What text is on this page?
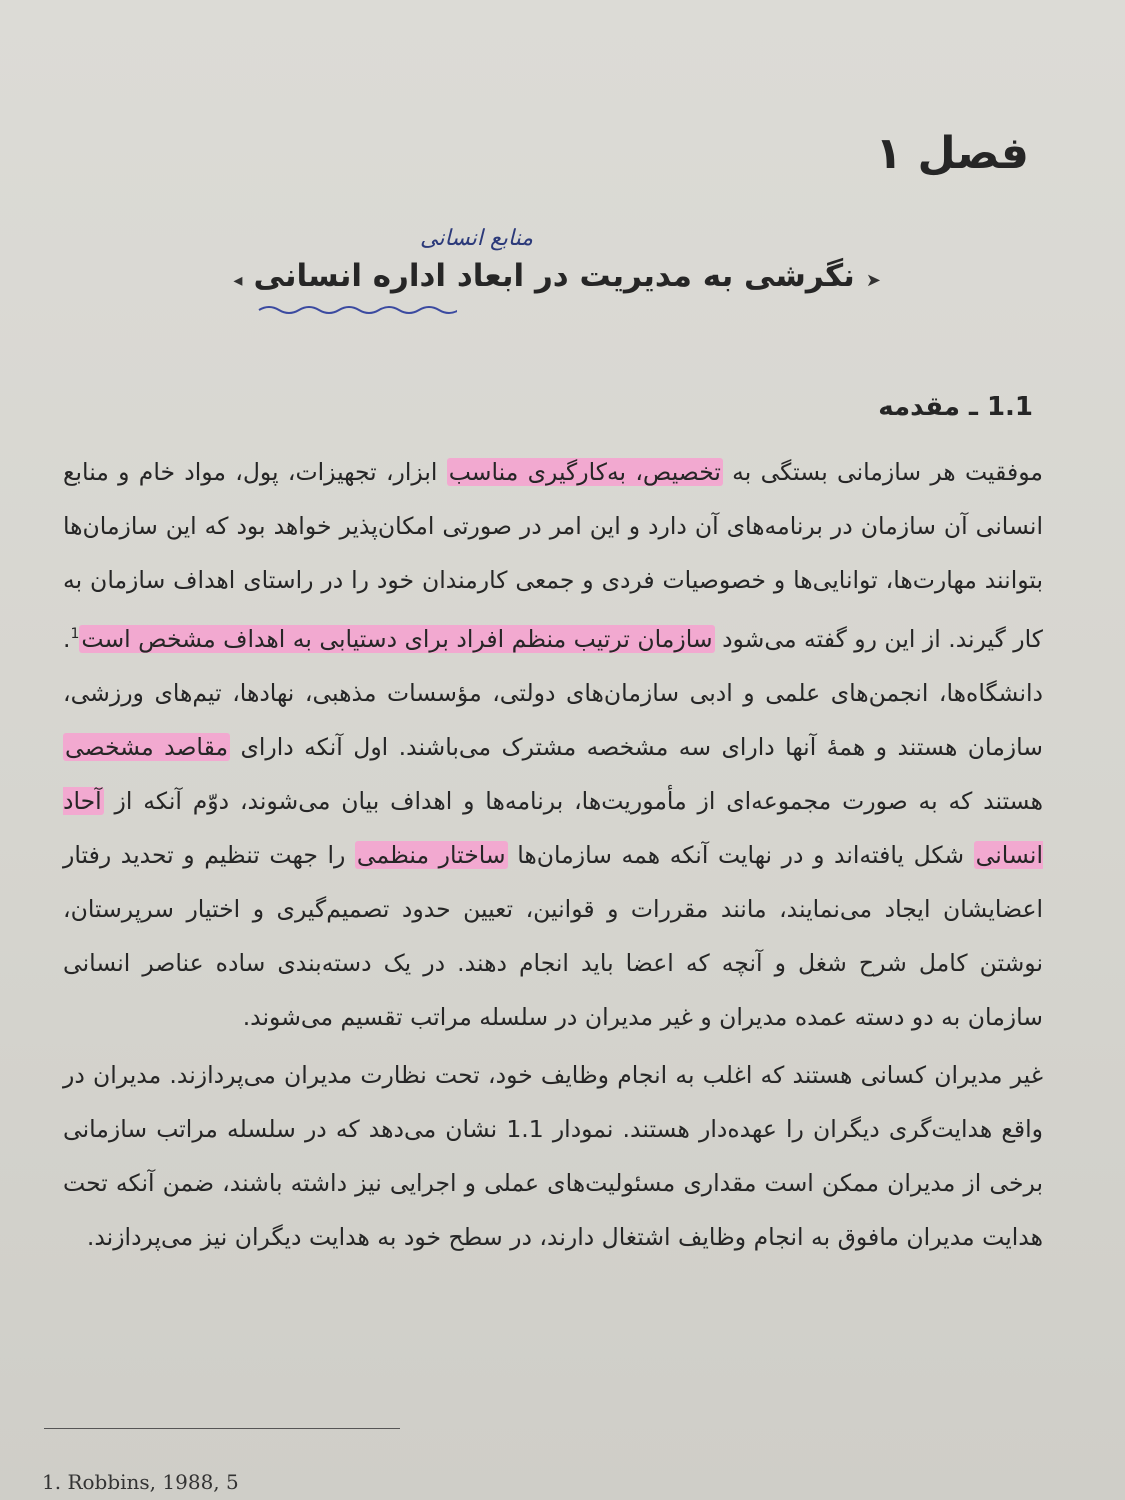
فصل ۱
منابع انسانی
➤ نگرشی به مدیریت در ابعاد اداره انسانی ◂
1.1 ـ مقدمه

موفقیت هر سازمانی بستگی به تخصیص، به‌کارگیری مناسب ابزار، تجهیزات، پول، مواد خام و منابع انسانی آن سازمان در برنامه‌های آن دارد و این امر در صورتی امکان‌پذیر خواهد بود که این سازمان‌ها بتوانند مهارت‌ها، توانایی‌ها و خصوصیات فردی و جمعی کارمندان خود را در راستای اهداف سازمان به کار گیرند. از این رو گفته می‌شود سازمان ترتیب منظم افراد برای دستیابی به اهداف مشخص است$^1$. دانشگاه‌ها، انجمن‌های علمی و ادبی سازمان‌های دولتی، مؤسسات مذهبی، نهادها، تیم‌های ورزشی، سازمان هستند و همهٔ آنها دارای سه مشخصه مشترک می‌باشند. اول آنکه دارای مقاصد مشخصی هستند که به صورت مجموعه‌ای از مأموریت‌ها، برنامه‌ها و اهداف بیان می‌شوند، دوّم آنکه از آحاد انسانی شکل یافته‌اند و در نهایت آنکه همه سازمان‌ها ساختار منظمی را جهت تنظیم و تحدید رفتار اعضایشان ایجاد می‌نمایند، مانند مقررات و قوانین، تعیین حدود تصمیم‌گیری و اختیار سرپرستان، نوشتن کامل شرح شغل و آنچه که اعضا باید انجام دهند. در یک دسته‌بندی ساده عناصر انسانی سازمان به دو دسته عمده مدیران و غیر مدیران در سلسله مراتب تقسیم می‌شوند.

غیر مدیران کسانی هستند که اغلب به انجام وظایف خود، تحت نظارت مدیران می‌پردازند. مدیران در واقع هدایت‌گری دیگران را عهده‌دار هستند. نمودار 1.1 نشان می‌دهد که در سلسله مراتب سازمانی برخی از مدیران ممکن است مقداری مسئولیت‌های عملی و اجرایی نیز داشته باشند، ضمن آنکه تحت هدایت مدیران مافوق به انجام وظایف اشتغال دارند، در سطح خود به هدایت دیگران نیز می‌پردازند.

1. Robbins, 1988, 5
